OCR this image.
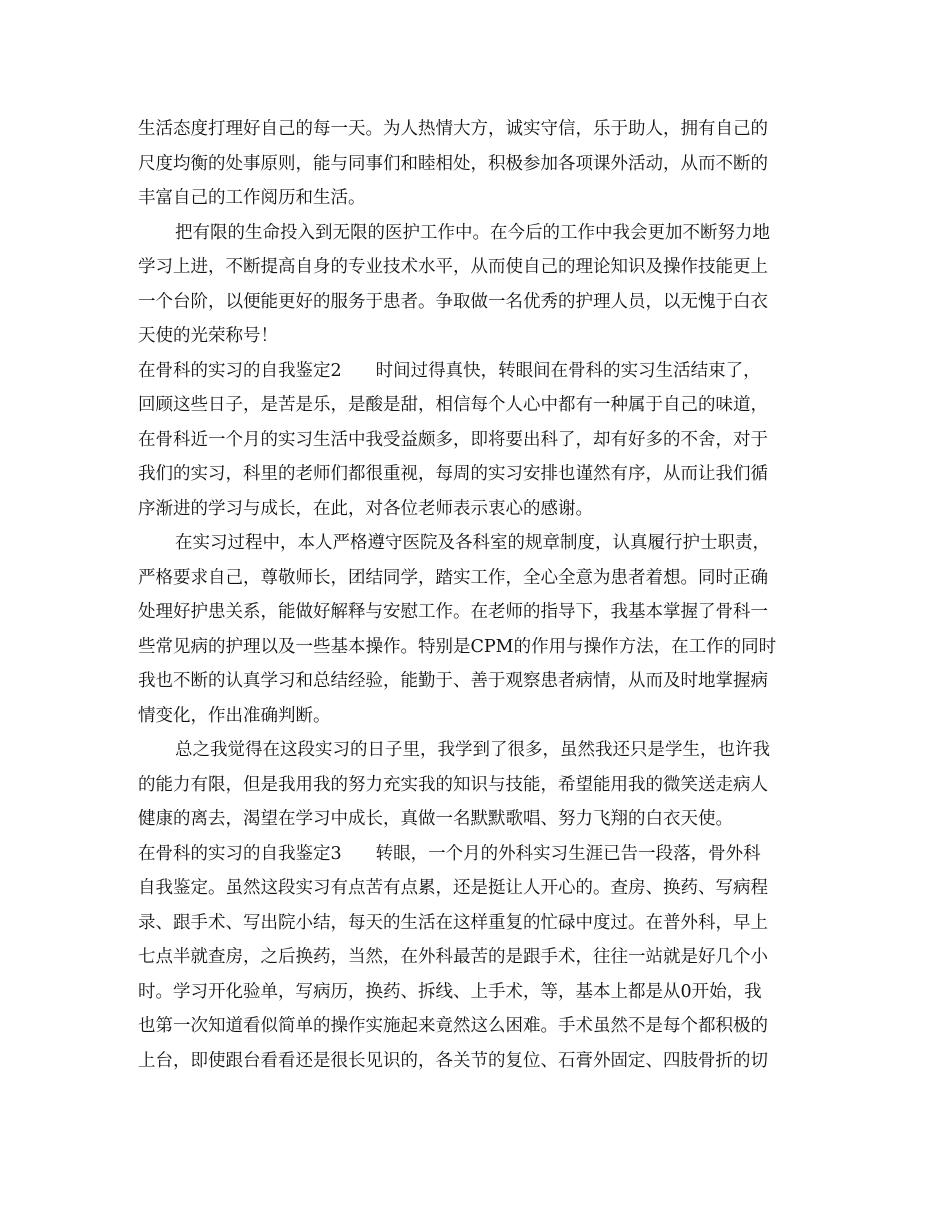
生活态度打理好自己的每一天。为人热情大方，诚实守信，乐于助人，拥有自己的
尺度均衡的处事原则，能与同事们和睦相处，积极参加各项课外活动，从而不断的
丰富自己的工作阅历和生活。
把有限的生命投入到无限的医护工作中。在今后的工作中我会更加不断努力地
学习上进，不断提高自身的专业技术水平，从而使自己的理论知识及操作技能更上
一个台阶，以便能更好的服务于患者。争取做一名优秀的护理人员，以无愧于白衣
天使的光荣称号！
在骨科的实习的自我鉴定2 时间过得真快，转眼间在骨科的实习生活结束了，
回顾这些日子，是苦是乐，是酸是甜，相信每个人心中都有一种属于自己的味道，
在骨科近一个月的实习生活中我受益颇多，即将要出科了，却有好多的不舍，对于
我们的实习，科里的老师们都很重视，每周的实习安排也谨然有序，从而让我们循
序渐进的学习与成长，在此，对各位老师表示衷心的感谢。
在实习过程中，本人严格遵守医院及各科室的规章制度，认真履行护士职责，
严格要求自己，尊敬师长，团结同学，踏实工作，全心全意为患者着想。同时正确
处理好护患关系，能做好解释与安慰工作。在老师的指导下，我基本掌握了骨科一
些常见病的护理以及一些基本操作。特别是CPM的作用与操作方法，在工作的同时
我也不断的认真学习和总结经验，能勤于、善于观察患者病情，从而及时地掌握病
情变化，作出准确判断。
总之我觉得在这段实习的日子里，我学到了很多，虽然我还只是学生，也许我
的能力有限，但是我用我的努力充实我的知识与技能，希望能用我的微笑送走病人
健康的离去，渴望在学习中成长，真做一名默默歌唱、努力飞翔的白衣天使。
在骨科的实习的自我鉴定3 转眼，一个月的外科实习生涯已告一段落，骨外科
自我鉴定。虽然这段实习有点苦有点累，还是挺让人开心的。查房、换药、写病程
录、跟手术、写出院小结，每天的生活在这样重复的忙碌中度过。在普外科，早上
七点半就查房，之后换药，当然，在外科最苦的是跟手术，往往一站就是好几个小
时。学习开化验单，写病历，换药、拆线、上手术，等，基本上都是从0开始，我
也第一次知道看似简单的操作实施起来竟然这么困难。手术虽然不是每个都积极的
上台，即使跟台看看还是很长见识的，各关节的复位、石膏外固定、四肢骨折的切
